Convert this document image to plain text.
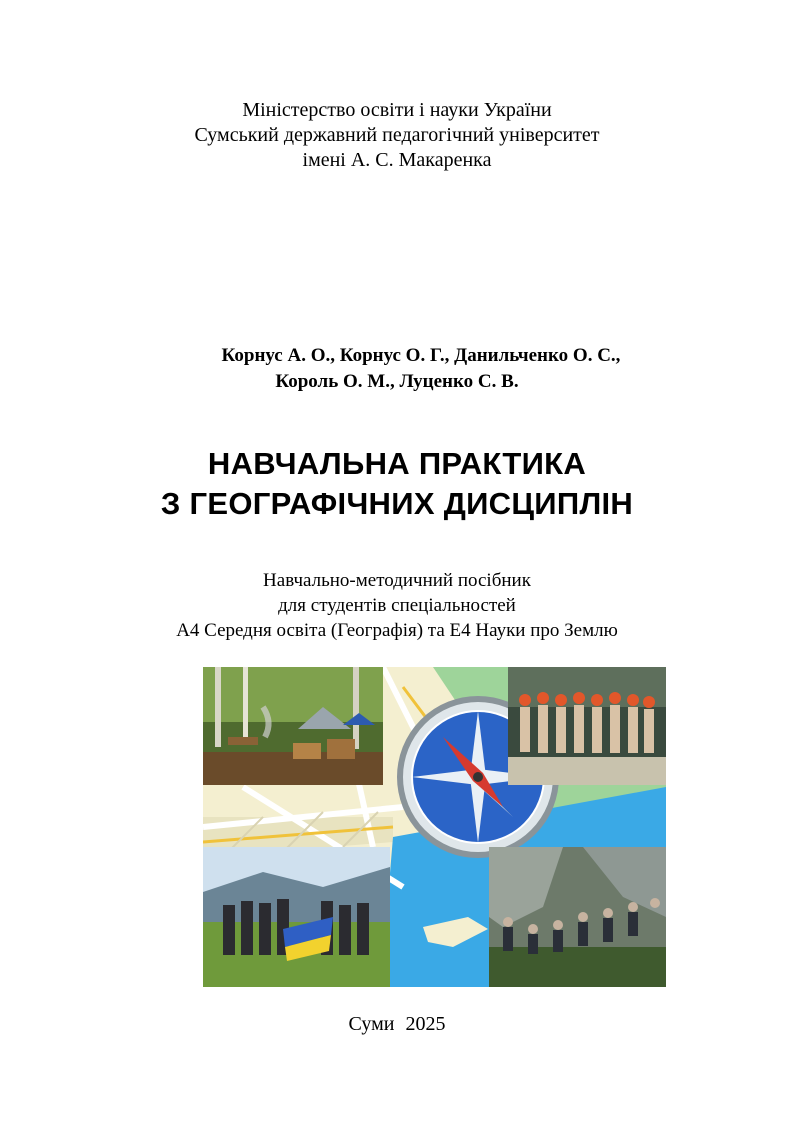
Міністерство освіти і науки України
Сумський державний педагогічний університет
імені А. С. Макаренка
Корнус А. О., Корнус О. Г., Данильченко О. С.,
Король О. М., Луценко С. В.
НАВЧАЛЬНА ПРАКТИКА
З ГЕОГРАФІЧНИХ ДИСЦИПЛІН
Навчально-методичний посібник
для студентів спеціальностей
А4 Середня освіта (Географія) та Е4 Науки про Землю
Суми 2025
